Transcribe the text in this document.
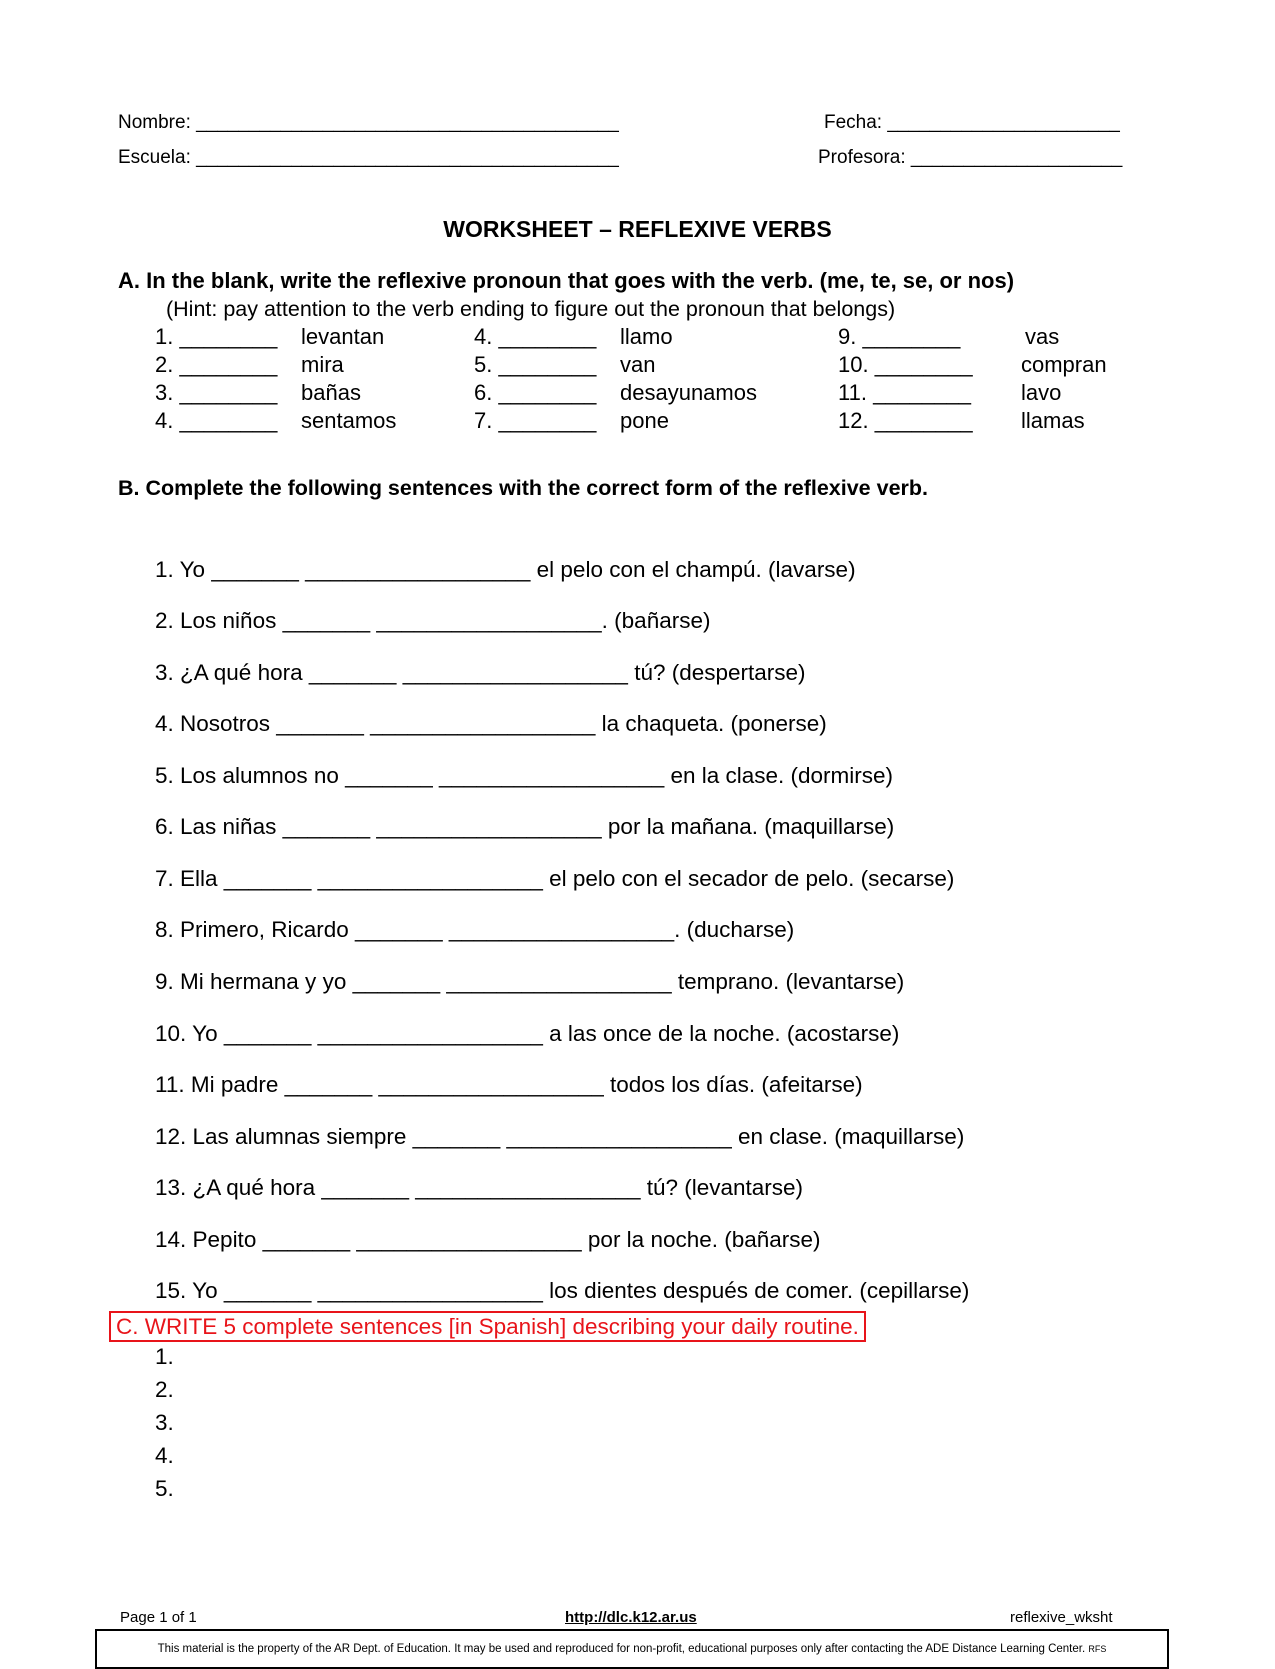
Nombre: ________________________________________	Fecha: ______________________
Escuela: ________________________________________	Profesora: ____________________
WORKSHEET – REFLEXIVE VERBS
A. In the blank, write the reflexive pronoun that goes with the verb. (me, te, se, or nos)
(Hint: pay attention to the verb ending to figure out the pronoun that belongs)
1. ________ levantan
2. ________ mira
3. ________ bañas
4. ________ sentamos
4. ________ llamo
5. ________ van
6. ________ desayunamos
7. ________ pone
9. ________	vas
10. ________ compran
11. ________ lavo
12. ________ llamas
B. Complete the following sentences with the correct form of the reflexive verb.
1. Yo _______ __________________ el pelo con el champú. (lavarse)
2. Los niños _______ __________________. (bañarse)
3. ¿A qué hora _______ __________________ tú? (despertarse)
4. Nosotros _______ __________________ la chaqueta. (ponerse)
5. Los alumnos no _______ __________________ en la clase. (dormirse)
6. Las niñas _______ __________________ por la mañana. (maquillarse)
7. Ella _______ __________________ el pelo con el secador de pelo. (secarse)
8. Primero, Ricardo _______ __________________. (ducharse)
9. Mi hermana y yo _______ __________________ temprano. (levantarse)
10. Yo _______ __________________ a las once de la noche. (acostarse)
11. Mi padre _______ __________________ todos los días. (afeitarse)
12. Las alumnas siempre _______ __________________ en clase. (maquillarse)
13. ¿A qué hora _______ __________________ tú? (levantarse)
14. Pepito _______ __________________ por la noche. (bañarse)
15. Yo _______ __________________ los dientes después de comer. (cepillarse)
C. WRITE 5 complete sentences [in Spanish] describing your daily routine.
1.
2.
3.
4.
5.
Page 1 of 1	http://dlc.k12.ar.us	reflexive_wksht
This material is the property of the AR Dept. of Education. It may be used and reproduced for non-profit, educational purposes only after contacting the ADE Distance Learning Center. RFS
